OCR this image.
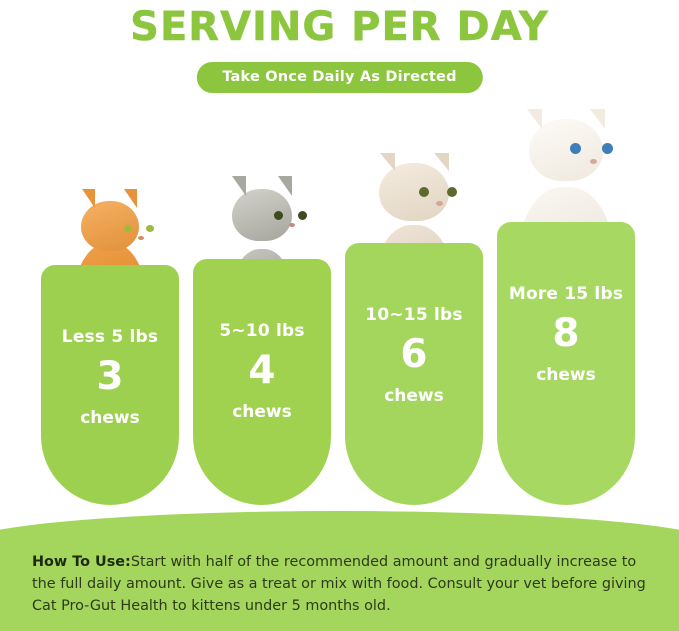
SERVING PER DAY
Take Once Daily As Directed
Less 5 lbs
3
chews
5~10 lbs
4
chews
10~15 lbs
6
chews
More 15 lbs
8
chews
How To Use:Start with half of the recommended amount and gradually increase to the full daily amount. Give as a treat or mix with food. Consult your vet before giving Cat Pro-Gut Health to kittens under 5 months old.
